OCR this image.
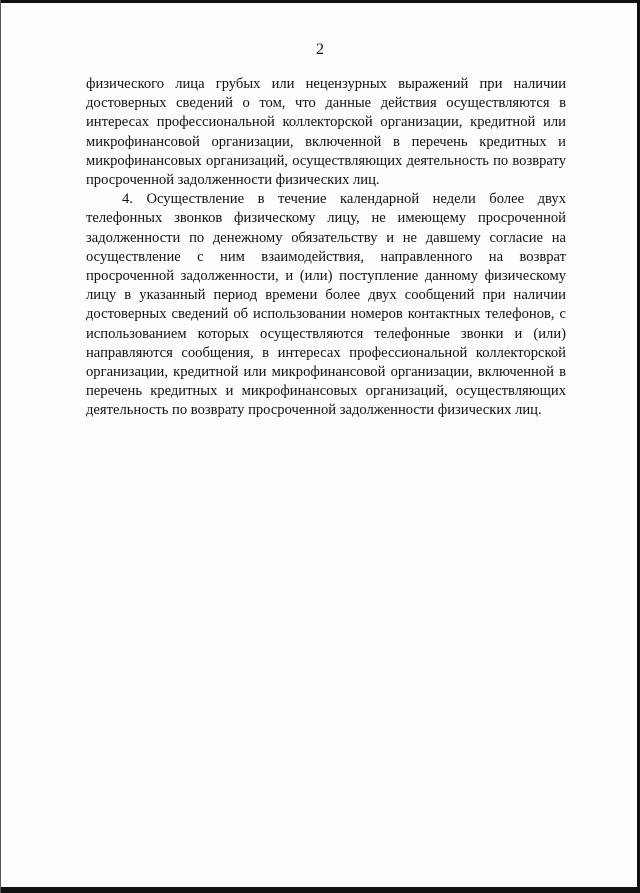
2

физического лица грубых или нецензурных выражений при наличии достоверных сведений о том, что данные действия осуществляются в интересах профессиональной коллекторской организации, кредитной или микрофинансовой организации, включенной в перечень кредитных и микрофинансовых организаций, осуществляющих деятельность по возврату просроченной задолженности физических лиц.

4. Осуществление в течение календарной недели более двух телефонных звонков физическому лицу, не имеющему просроченной задолженности по денежному обязательству и не давшему согласие на осуществление с ним взаимодействия, направленного на возврат просроченной задолженности, и (или) поступление данному физическому лицу в указанный период времени более двух сообщений при наличии достоверных сведений об использовании номеров контактных телефонов, с использованием которых осуществляются телефонные звонки и (или) направляются сообщения, в интересах профессиональной коллекторской организации, кредитной или микрофинансовой организации, включенной в перечень кредитных и микрофинансовых организаций, осуществляющих деятельность по возврату просроченной задолженности физических лиц.
